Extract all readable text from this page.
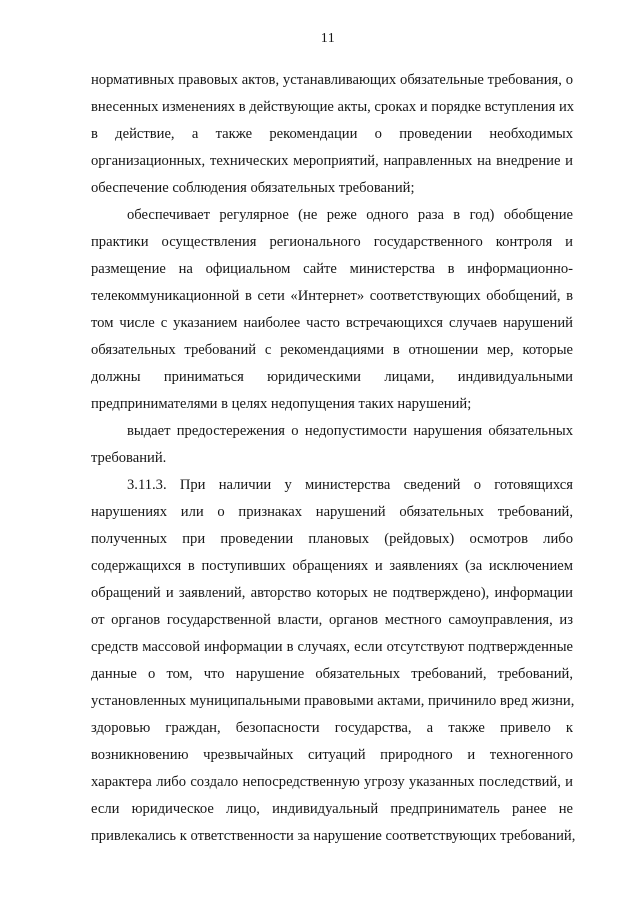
11
нормативных правовых актов, устанавливающих обязательные требования, о
внесенных изменениях в действующие акты, сроках и порядке вступления их
в действие, а также рекомендации о проведении необходимых
организационных, технических мероприятий, направленных на внедрение и
обеспечение соблюдения обязательных требований;
обеспечивает регулярное (не реже одного раза в год) обобщение
практики осуществления регионального государственного контроля и
размещение на официальном сайте министерства в информационно-
телекоммуникационной в сети «Интернет» соответствующих обобщений, в
том числе с указанием наиболее часто встречающихся случаев нарушений
обязательных требований с рекомендациями в отношении мер, которые
должны приниматься юридическими лицами, индивидуальными
предпринимателями в целях недопущения таких нарушений;
выдает предостережения о недопустимости нарушения обязательных
требований.
3.11.3. При наличии у министерства сведений о готовящихся
нарушениях или о признаках нарушений обязательных требований,
полученных при проведении плановых (рейдовых) осмотров либо
содержащихся в поступивших обращениях и заявлениях (за исключением
обращений и заявлений, авторство которых не подтверждено), информации
от органов государственной власти, органов местного самоуправления, из
средств массовой информации в случаях, если отсутствуют подтвержденные
данные о том, что нарушение обязательных требований, требований,
установленных муниципальными правовыми актами, причинило вред жизни,
здоровью граждан, безопасности государства, а также привело к
возникновению чрезвычайных ситуаций природного и техногенного
характера либо создало непосредственную угрозу указанных последствий, и
если юридическое лицо, индивидуальный предприниматель ранее не
привлекались к ответственности за нарушение соответствующих требований,
